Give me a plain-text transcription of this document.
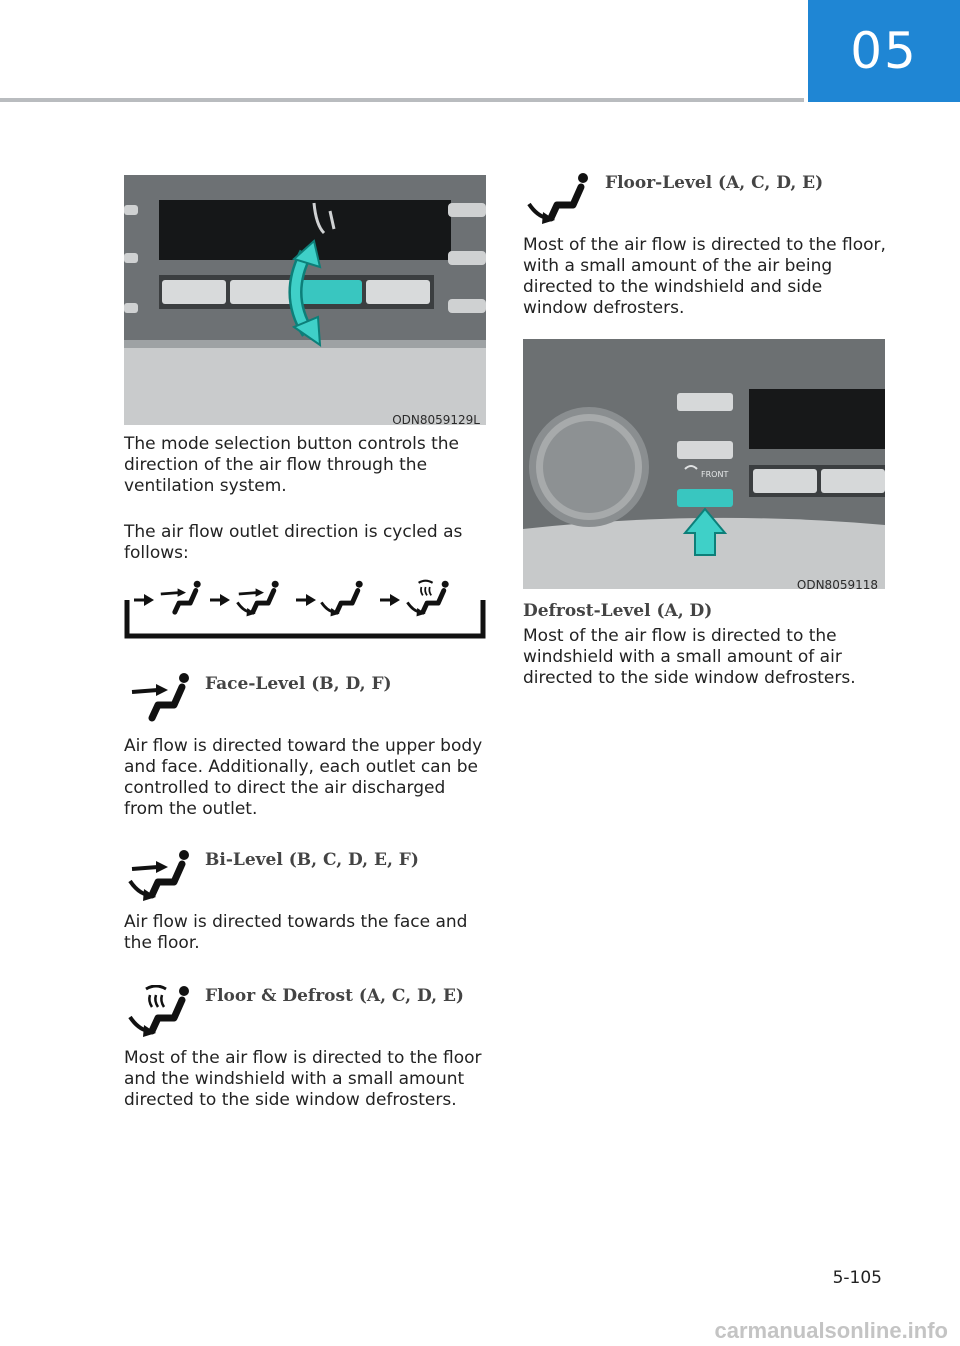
05
ODN8059129L

The mode selection button controls the direction of the air flow through the ventilation system.

The air flow outlet direction is cycled as follows:

Face-Level (B, D, F)

Air flow is directed toward the upper body and face. Additionally, each outlet can be controlled to direct the air discharged from the outlet.

Bi-Level (B, C, D, E, F)

Air flow is directed towards the face and the floor.

Floor & Defrost (A, C, D, E)

Most of the air flow is directed to the floor and the windshield with a small amount directed to the side window defrosters.

Floor-Level (A, C, D, E)

Most of the air flow is directed to the floor, with a small amount of the air being directed to the windshield and side window defrosters.

FRONT
ODN8059118
Defrost-Level (A, D)

Most of the air flow is directed to the windshield with a small amount of air directed to the side window defrosters.

5-105
carmanualsonline.info
